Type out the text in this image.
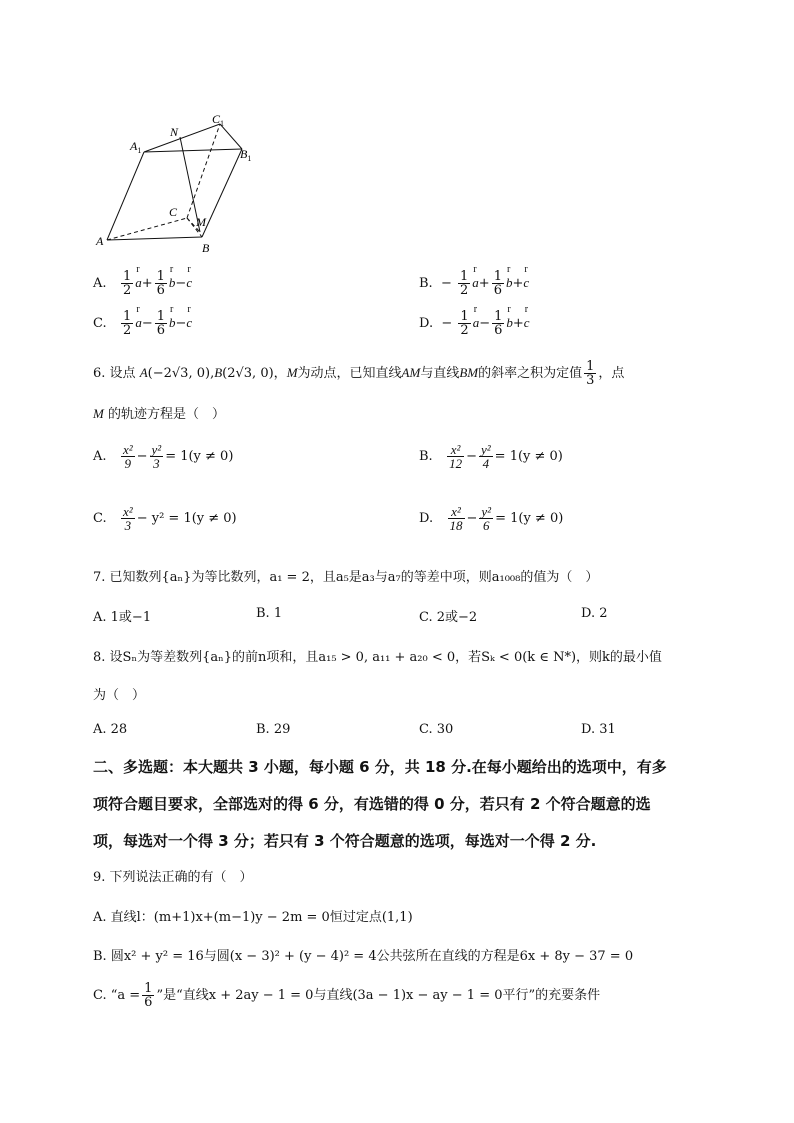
$A_1$
N
$C_1$
$B_1$
C
M
A	B
A. $\frac{1}{2}$
r
$a+ \frac{1}{6}$
r
b−
r
c	B. − $\frac{1}{2}$
r
$a+ \frac{1}{6}$
r
b+
r
c
C. $\frac{1}{2}$
r
$a- \frac{1}{6}$
r
b−
r
c	D. − $\frac{1}{2}$
r
$a- \frac{1}{6}$
r
b+
r
c
6. 设点 A(−2√3, 0),B(2√3, 0)，M为动点，已知直线AM与直线BM的斜率之积为定值 $\frac{1}{3}$ ，点
M 的轨迹方程是（　）
A. $\frac{\text{x²}}{9} - \frac{\text{y²}}{3} = 1(y \ne 0)$	B. $\frac{\text{x²}}{12} - \frac{\text{y²}}{4} = 1(y \ne 0)$
C. $\frac{\text{x²}}{3} - y^2 = 1(y \ne 0)$	D. $\frac{\text{x²}}{18} - \frac{\text{y²}}{6} = 1(y \ne 0)$
7. 已知数列{aₙ}为等比数列，a₁ = 2，且a₅是a₃与a₇的等差中项，则a₁₀₀₈的值为（　）
A. 1或−1	B. 1	C. 2或−2	D. 2
8. 设Sₙ为等差数列{aₙ}的前n项和，且a₁₅ > 0, a₁₁ + a₂₀ < 0，若Sₖ < 0(k ∈ N*)，则k的最小值
为（　）
A. 28	B. 29	C. 30	D. 31
二、多选题：本大题共 3 小题，每小题 6 分，共 18 分.在每小题给出的选项中，有多
项符合题目要求，全部选对的得 6 分，有选错的得 0 分，若只有 2 个符合题意的选
项，每选对一个得 3 分；若只有 3 个符合题意的选项，每选对一个得 2 分.
9. 下列说法正确的有（　）
A. 直线l：(m+1)x+(m−1)y − 2m = 0恒过定点(1,1)
B. 圆x² + y² = 16与圆(x − 3)² + (y − 4)² = 4公共弦所在直线的方程是6x + 8y − 37 = 0
C. “$a = \frac{1}{6}$ ”是“直线x + 2ay − 1 = 0与直线(3a − 1)x − ay − 1 = 0平行”的充要条件
